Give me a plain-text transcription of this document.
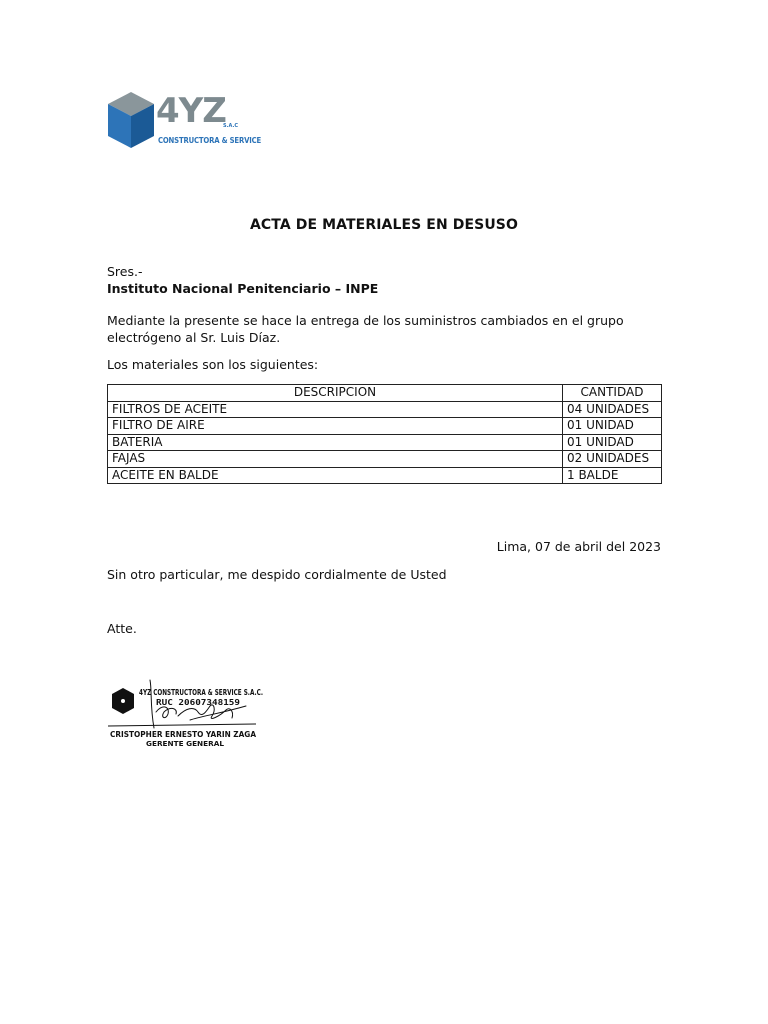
4YZ
S.A.C
CONSTRUCTORA & SERVICE
ACTA DE MATERIALES EN DESUSO
Sres.-
Instituto Nacional Penitenciario – INPE
Mediante la presente se hace la entrega de los suministros cambiados en el grupo
electrógeno al Sr. Luis Díaz.
Los materiales son los siguientes:
DESCRIPCION	CANTIDAD
FILTROS DE ACEITE	04 UNIDADES
FILTRO DE AIRE	01 UNIDAD
BATERIA	01 UNIDAD
FAJAS	02 UNIDADES
ACEITE EN BALDE	1 BALDE
Lima, 07 de abril del 2023
Sin otro particular, me despido cordialmente de Usted
Atte.
4YZ CONSTRUCTORA & SERVICE S.A.C.
RUC 20607348159
CRISTOPHER ERNESTO YARIN ZAGA
GERENTE GENERAL
